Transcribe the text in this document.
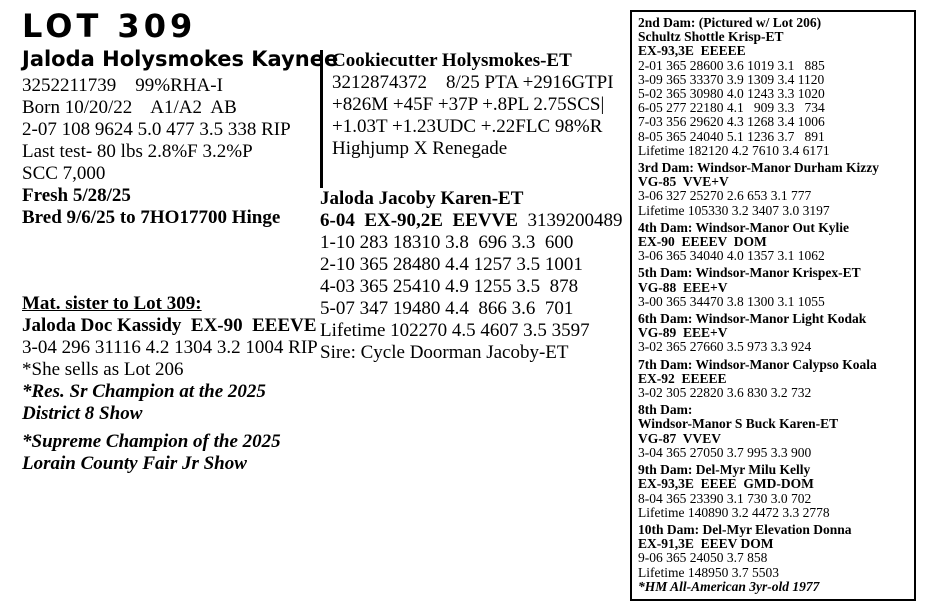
LOT 309
Jaloda Holysmokes Kaynee
3252211739    99%RHA-I
Born 10/20/22    A1/A2  AB
2-07 108 9624 5.0 477 3.5 338 RIP
Last test- 80 lbs 2.8%F 3.2%P
SCC 7,000
Fresh 5/28/25
Bred 9/6/25 to 7HO17700 Hinge
Mat. sister to Lot 309:
Jaloda Doc Kassidy  EX-90  EEEVE
3-04 296 31116 4.2 1304 3.2 1004 RIP
*She sells as Lot 206
*Res. Sr Champion at the 2025
District 8 Show
*Supreme Champion of the 2025
Lorain County Fair Jr Show
Cookiecutter Holysmokes-ET
3212874372    8/25 PTA +2916GTPI
+826M +45F +37P +.8PL 2.75SCS|
+1.03T +1.23UDC +.22FLC 98%R
Highjump X Renegade
Jaloda Jacoby Karen-ET
6-04  EX-90,2E  EEVVE  3139200489
1-10 283 18310 3.8  696 3.3  600
2-10 365 28480 4.4 1257 3.5 1001
4-03 365 25410 4.9 1255 3.5  878
5-07 347 19480 4.4  866 3.6  701
Lifetime 102270 4.5 4607 3.5 3597
Sire: Cycle Doorman Jacoby-ET
2nd Dam: (Pictured w/ Lot 206)
Schultz Shottle Krisp-ET
EX-93,3E  EEEEE
2-01 365 28600 3.6 1019 3.1   885
3-09 365 33370 3.9 1309 3.4 1120
5-02 365 30980 4.0 1243 3.3 1020
6-05 277 22180 4.1   909 3.3   734
7-03 356 29620 4.3 1268 3.4 1006
8-05 365 24040 5.1 1236 3.7   891
Lifetime 182120 4.2 7610 3.4 6171
3rd Dam: Windsor-Manor Durham Kizzy
VG-85  VVE+V
3-06 327 25270 2.6 653 3.1 777
Lifetime 105330 3.2 3407 3.0 3197
4th Dam: Windsor-Manor Out Kylie
EX-90  EEEEV  DOM
3-06 365 34040 4.0 1357 3.1 1062
5th Dam: Windsor-Manor Krispex-ET
VG-88  EEE+V
3-00 365 34470 3.8 1300 3.1 1055
6th Dam: Windsor-Manor Light Kodak
VG-89  EEE+V
3-02 365 27660 3.5 973 3.3 924
7th Dam: Windsor-Manor Calypso Koala
EX-92  EEEEE
3-02 305 22820 3.6 830 3.2 732
8th Dam:
Windsor-Manor S Buck Karen-ET
VG-87  VVEV
3-04 365 27050 3.7 995 3.3 900
9th Dam: Del-Myr Milu Kelly
EX-93,3E  EEEE  GMD-DOM
8-04 365 23390 3.1 730 3.0 702
Lifetime 140890 3.2 4472 3.3 2778
10th Dam: Del-Myr Elevation Donna
EX-91,3E  EEEV DOM
9-06 365 24050 3.7 858
Lifetime 148950 3.7 5503
*HM All-American 3yr-old 1977
